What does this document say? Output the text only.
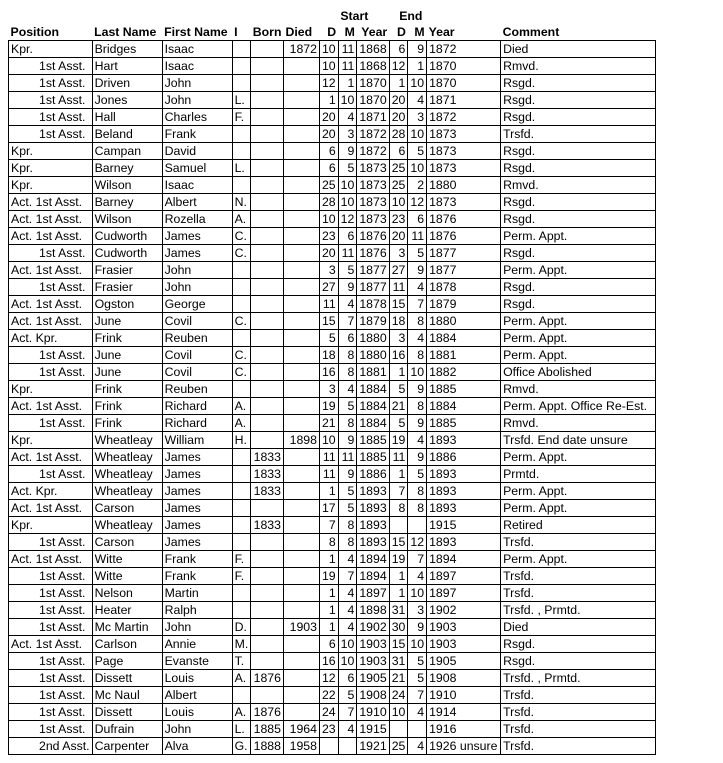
						Start			End			
Position	Last Name	First Name	I	Born	Died	D	M	Year	D	M	Year	Comment
Kpr.	Bridges	Isaac			1872	10	11	1868	6	9	1872	Died
1st Asst.	Hart	Isaac				10	11	1868	12	1	1870	Rmvd.
1st Asst.	Driven	John				12	1	1870	1	10	1870	Rsgd.
1st Asst.	Jones	John	L.			1	10	1870	20	4	1871	Rsgd.
1st Asst.	Hall	Charles	F.			20	4	1871	20	3	1872	Rsgd.
1st Asst.	Beland	Frank				20	3	1872	28	10	1873	Trsfd.
Kpr.	Campan	David				6	9	1872	6	5	1873	Rsgd.
Kpr.	Barney	Samuel	L.			6	5	1873	25	10	1873	Rsgd.
Kpr.	Wilson	Isaac				25	10	1873	25	2	1880	Rmvd.
Act. 1st Asst.	Barney	Albert	N.			28	10	1873	10	12	1873	Rsgd.
Act. 1st Asst.	Wilson	Rozella	A.			10	12	1873	23	6	1876	Rsgd.
Act. 1st Asst.	Cudworth	James	C.			23	6	1876	20	11	1876	Perm. Appt.
1st Asst.	Cudworth	James	C.			20	11	1876	3	5	1877	Rsgd.
Act. 1st Asst.	Frasier	John				3	5	1877	27	9	1877	Perm. Appt.
1st Asst.	Frasier	John				27	9	1877	11	4	1878	Rsgd.
Act. 1st Asst.	Ogston	George				11	4	1878	15	7	1879	Rsgd.
Act. 1st Asst.	June	Covil	C.			15	7	1879	18	8	1880	Perm. Appt.
Act. Kpr.	Frink	Reuben				5	6	1880	3	4	1884	Perm. Appt.
1st Asst.	June	Covil	C.			18	8	1880	16	8	1881	Perm. Appt.
1st Asst.	June	Covil	C.			16	8	1881	1	10	1882	Office Abolished
Kpr.	Frink	Reuben				3	4	1884	5	9	1885	Rmvd.
Act. 1st Asst.	Frink	Richard	A.			19	5	1884	21	8	1884	Perm. Appt. Office Re-Est.
1st Asst.	Frink	Richard	A.			21	8	1884	5	9	1885	Rmvd.
Kpr.	Wheatleay	William	H.		1898	10	9	1885	19	4	1893	Trsfd. End date unsure
Act. 1st Asst.	Wheatleay	James		1833		11	11	1885	11	9	1886	Perm. Appt.
1st Asst.	Wheatleay	James		1833		11	9	1886	1	5	1893	Prmtd.
Act. Kpr.	Wheatleay	James		1833		1	5	1893	7	8	1893	Perm. Appt.
Act. 1st Asst.	Carson	James				17	5	1893	8	8	1893	Perm. Appt.
Kpr.	Wheatleay	James		1833		7	8	1893			1915	Retired
1st Asst.	Carson	James				8	8	1893	15	12	1893	Trsfd.
Act. 1st Asst.	Witte	Frank	F.			1	4	1894	19	7	1894	Perm. Appt.
1st Asst.	Witte	Frank	F.			19	7	1894	1	4	1897	Trsfd.
1st Asst.	Nelson	Martin				1	4	1897	1	10	1897	Trsfd.
1st Asst.	Heater	Ralph				1	4	1898	31	3	1902	Trsfd. , Prmtd.
1st Asst.	Mc Martin	John	D.		1903	1	4	1902	30	9	1903	Died
Act. 1st Asst.	Carlson	Annie	M.			6	10	1903	15	10	1903	Rsgd.
1st Asst.	Page	Evanste	T.			16	10	1903	31	5	1905	Rsgd.
1st Asst.	Dissett	Louis	A.	1876		12	6	1905	21	5	1908	Trsfd. , Prmtd.
1st Asst.	Mc Naul	Albert				22	5	1908	24	7	1910	Trsfd.
1st Asst.	Dissett	Louis	A.	1876		24	7	1910	10	4	1914	Trsfd.
1st Asst.	Dufrain	John	L.	1885	1964	23	4	1915			1916	Trsfd.
2nd Asst.	Carpenter	Alva	G.	1888	1958			1921	25	4	1926 unsure	Trsfd.
